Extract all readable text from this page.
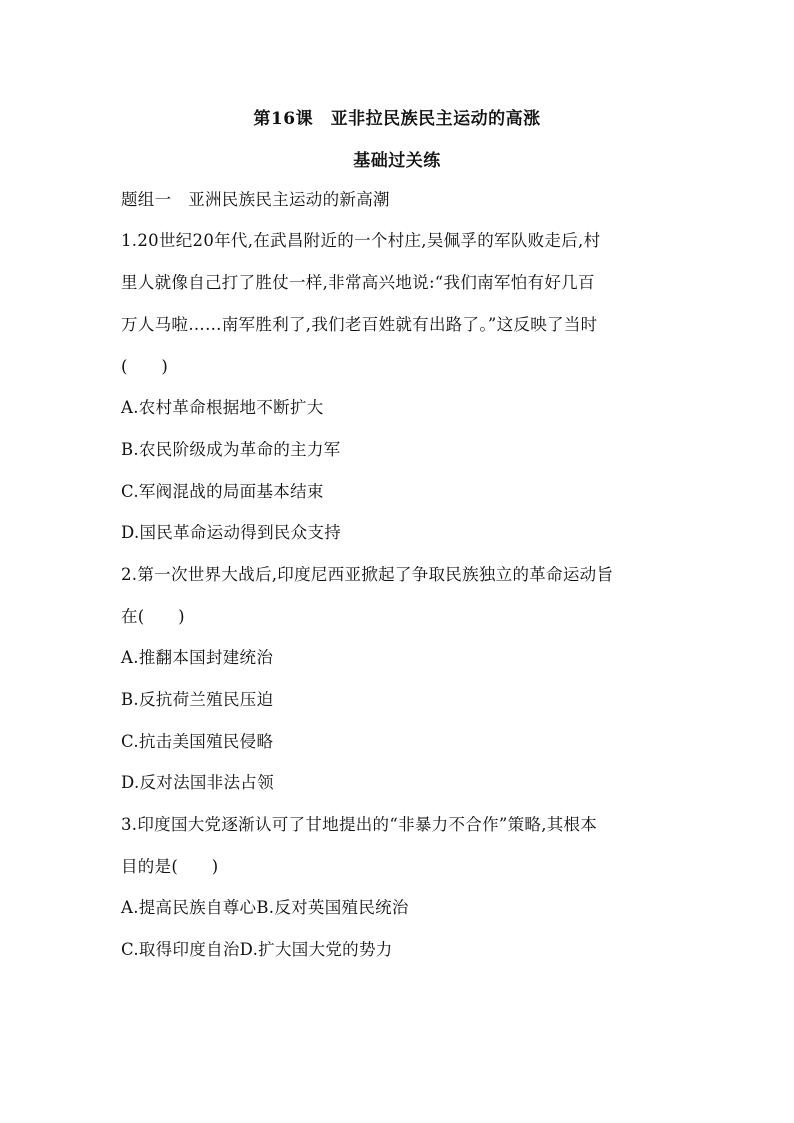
第16课　亚非拉民族民主运动的高涨
基础过关练
题组一　亚洲民族民主运动的新高潮
1.20世纪20年代,在武昌附近的一个村庄,吴佩孚的军队败走后,村
里人就像自己打了胜仗一样,非常高兴地说:“我们南军怕有好几百
万人马啦……南军胜利了,我们老百姓就有出路了。”这反映了当时
(　　)
A.农村革命根据地不断扩大
B.农民阶级成为革命的主力军
C.军阀混战的局面基本结束
D.国民革命运动得到民众支持
2.第一次世界大战后,印度尼西亚掀起了争取民族独立的革命运动旨
在(　　)
A.推翻本国封建统治
B.反抗荷兰殖民压迫
C.抗击美国殖民侵略
D.反对法国非法占领
3.印度国大党逐渐认可了甘地提出的“非暴力不合作”策略,其根本
目的是(　　)
A.提高民族自尊心B.反对英国殖民统治
C.取得印度自治D.扩大国大党的势力
